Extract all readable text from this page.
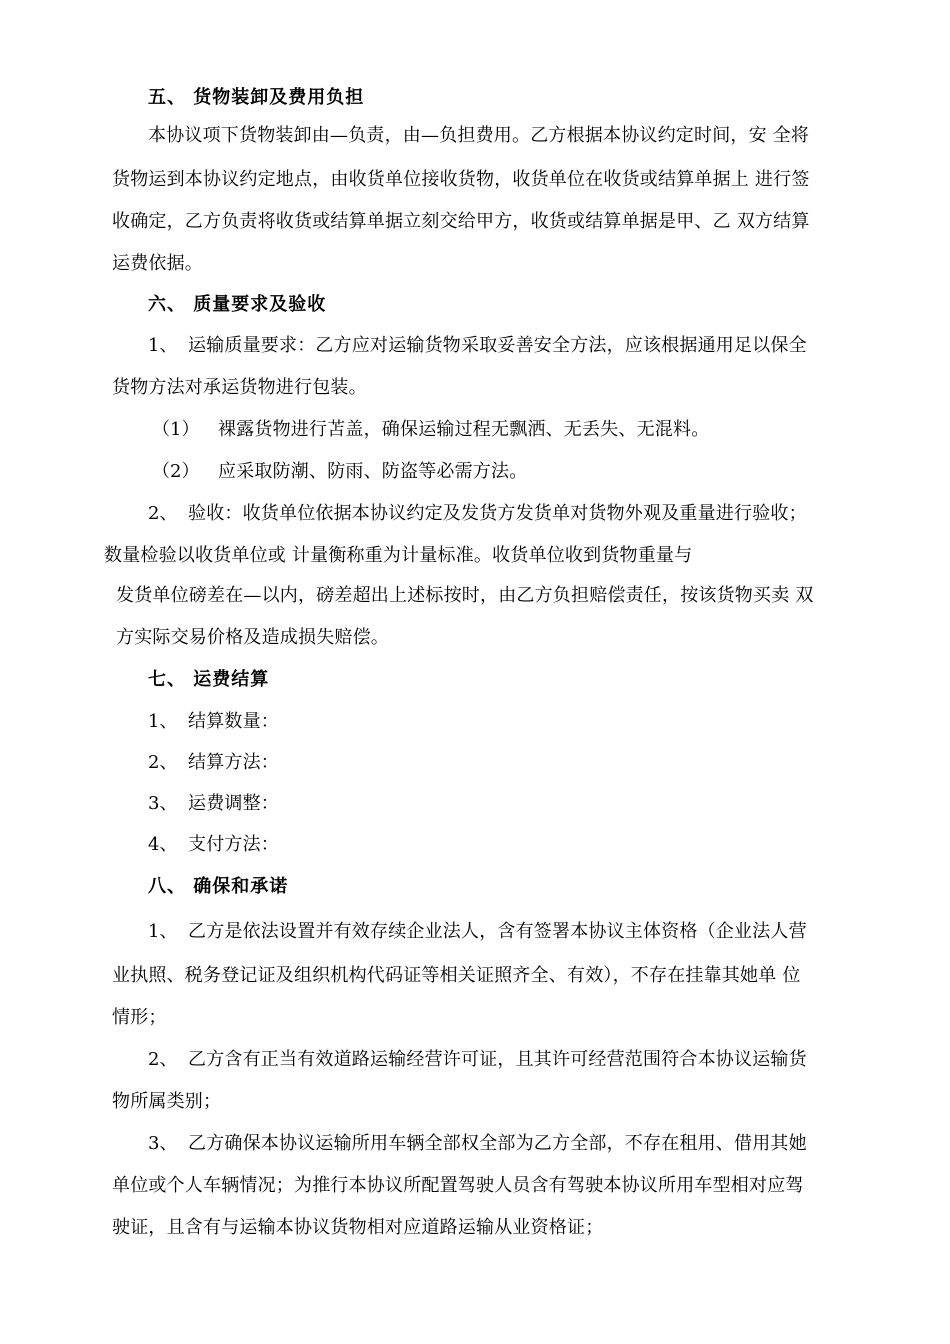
五、 货物装卸及费用负担
本协议项下货物装卸由—负责，由—负担费用。乙方根据本协议约定时间，安 全将
货物运到本协议约定地点，由收货单位接收货物，收货单位在收货或结算单据上 进行签
收确定，乙方负责将收货或结算单据立刻交给甲方，收货或结算单据是甲、乙 双方结算
运费依据。
六、 质量要求及验收
1、 运输质量要求：乙方应对运输货物采取妥善安全方法，应该根据通用足以保全
货物方法对承运货物进行包装。
（1） 裸露货物进行苫盖，确保运输过程无飘洒、无丢失、无混料。
（2） 应采取防潮、防雨、防盗等必需方法。
2、 验收：收货单位依据本协议约定及发货方发货单对货物外观及重量进行验收；
数量检验以收货单位或 计量衡称重为计量标准。收货单位收到货物重量与
发货单位磅差在—以内，磅差超出上述标按时，由乙方负担赔偿责任，按该货物买卖 双
方实际交易价格及造成损失赔偿。
七、 运费结算
1、 结算数量：
2、 结算方法：
3、 运费调整：
4、 支付方法：
八、 确保和承诺
1、 乙方是依法设置并有效存续企业法人，含有签署本协议主体资格（企业法人营
业执照、税务登记证及组织机构代码证等相关证照齐全、有效），不存在挂靠其她单 位
情形；
2、 乙方含有正当有效道路运输经营许可证，且其许可经营范围符合本协议运输货
物所属类别；
3、 乙方确保本协议运输所用车辆全部权全部为乙方全部，不存在租用、借用其她
单位或个人车辆情况；为推行本协议所配置驾驶人员含有驾驶本协议所用车型相对应驾
驶证，且含有与运输本协议货物相对应道路运输从业资格证；
